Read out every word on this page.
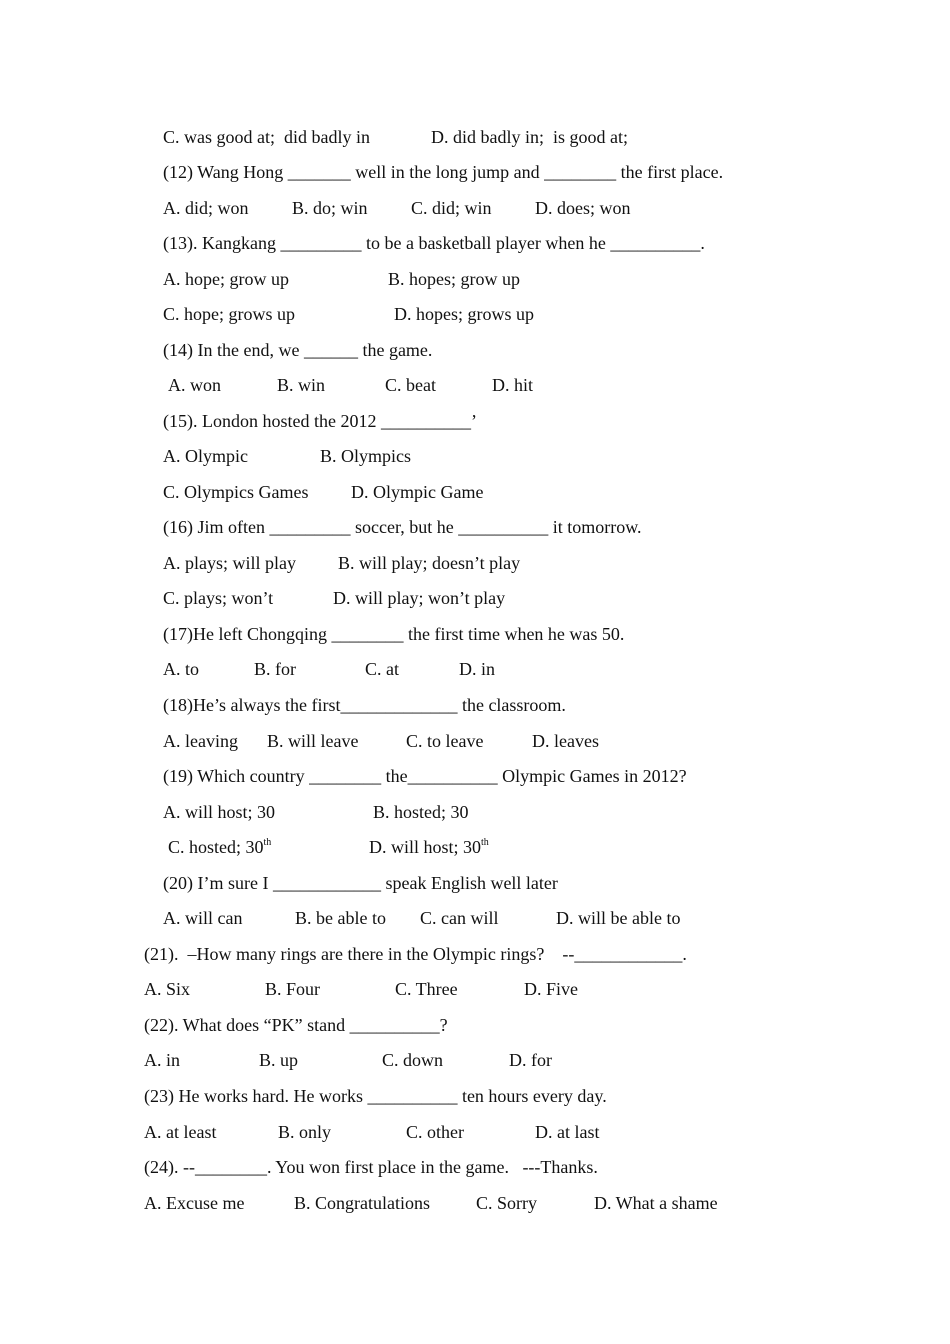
C. was good at;  did badly in

	D. did badly in;  is good at;

(12) Wang Hong _______ well in the long jump and ________ the first place.

A. did; won

B. do; win

C. did; win

D. does; won

(13). Kangkang _________ to be a basketball player when he __________.

A. hope; grow up

	B. hopes; grow up

C. hope; grows up

	D. hopes; grows up

(14) In the end, we ______ the game.

A. won

	B. win

	C. beat

	D. hit

(15). London hosted the 2012 __________’

A. Olympic

	B. Olympics

C. Olympics Games

D. Olympic Game

(16) Jim often _________ soccer, but he __________ it tomorrow.

A. plays; will play

B. will play; doesn’t play

C. plays; won’t

	D. will play; won’t play

(17)He left Chongqing ________ the first time when he was 50.

A. to

	B. for

	C. at

	D. in

(18)He’s always the first_____________ the classroom.

A. leaving

B. will leave

	C. to leave

	D. leaves

(19) Which country ________ the__________ Olympic Games in 2012?

A. will host; 30

	B. hosted; 30

C. hosted; 30th

	D. will host; 30th

(20) I’m sure I ____________ speak English well later

A. will can

	B. be able to

C. can will

	D. will be able to

(21).  –How many rings are there in the Olympic rings?    --____________.

A. Six

	B. Four

	C. Three

	D. Five

(22). What does “PK” stand __________?

A. in

	B. up

	C. down

	D. for

(23) He works hard. He works __________ ten hours every day.

A. at least

	B. only

	C. other

	D. at last

(24). --________. You won first place in the game.   ---Thanks.

A. Excuse me

	B. Congratulations

	C. Sorry

	D. What a shame
